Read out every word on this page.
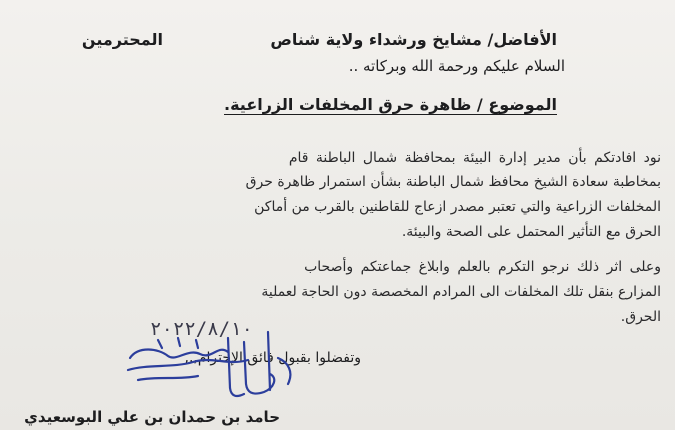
الأفاضل/ مشايخ ورشداء ولاية شناص
المحترمين
السلام عليكم ورحمة الله وبركاته ..
الموضوع / ظاهرة حرق المخلفات الزراعية.
نود افادتكم بأن مدير إدارة البيئة بمحافظة شمال الباطنة قام
بمخاطبة سعادة الشيخ محافظ شمال الباطنة بشأن استمرار ظاهرة حرق
المخلفات الزراعية والتي تعتبر مصدر ازعاج للقاطنين بالقرب من أماكن
الحرق مع التأثير المحتمل على الصحة والبيئة.
وعلى اثر ذلك نرجو التكرم بالعلم وابلاغ جماعتكم وأصحاب
المزارع بنقل تلك المخلفات الى المرادم المخصصة دون الحاجة لعملية
الحرق.
٢٠٢٢/٨/١٠
وتفضلوا بقبول فائق الإحترام,,,
حامد بن حمدان بن علي البوسعيدي
